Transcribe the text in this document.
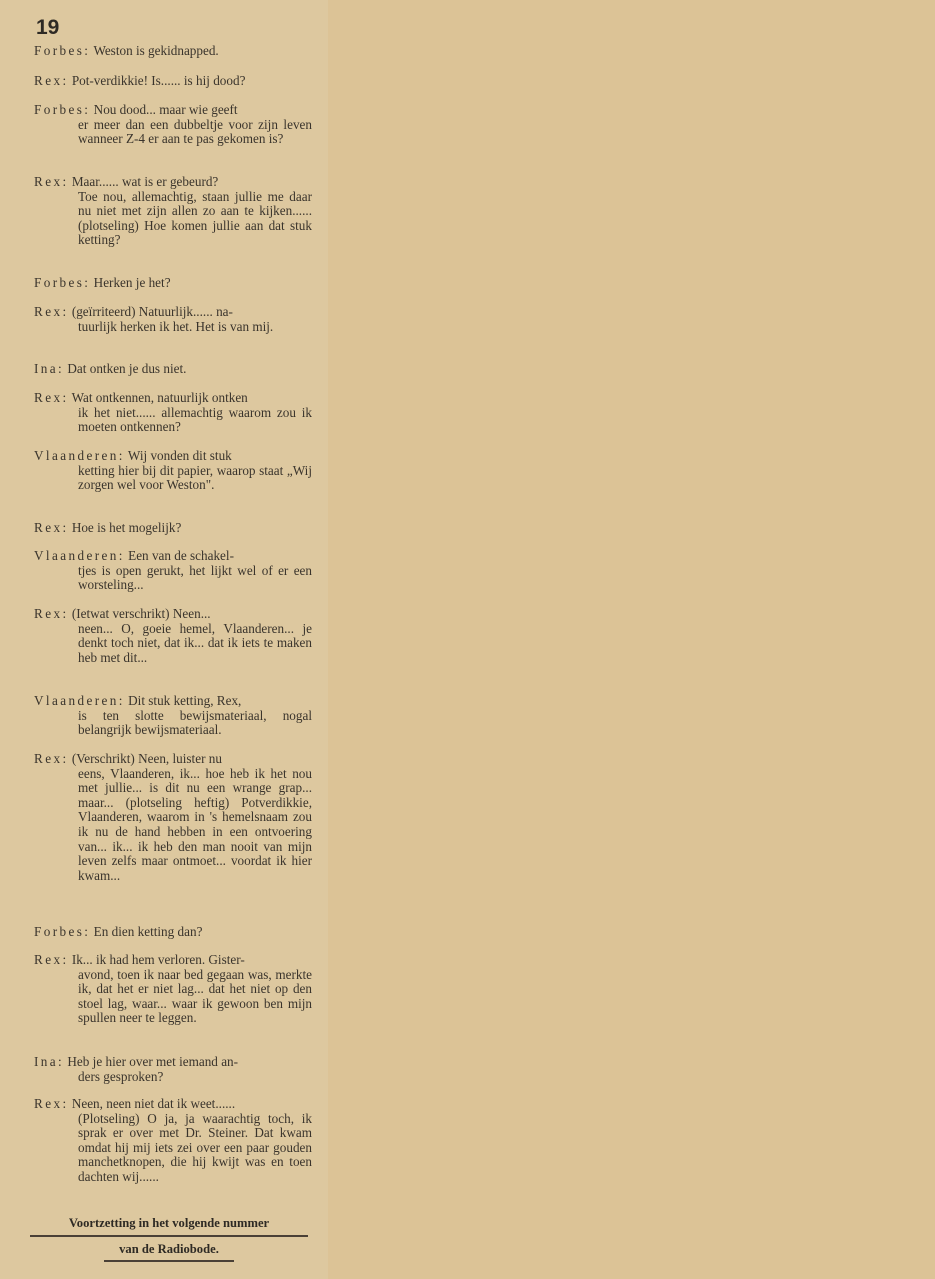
19
Forbes: Weston is gekidnapped.
Rex: Pot-verdikkie! Is...... is hij dood?
Forbes: Nou dood... maar wie geeft
er meer dan een dubbeltje voor zijn leven wanneer Z-4 er aan te pas gekomen is?
Rex: Maar...... wat is er gebeurd?
Toe nou, allemachtig, staan jullie me daar nu niet met zijn allen zo aan te kijken...... (plotseling) Hoe komen jullie aan dat stuk ketting?
Forbes: Herken je het?
Rex: (geïrriteerd) Natuurlijk...... na-
tuurlijk herken ik het. Het is van mij.
Ina: Dat ontken je dus niet.
Rex: Wat ontkennen, natuurlijk ontken
ik het niet...... allemachtig waarom zou ik moeten ontkennen?
Vlaanderen: Wij vonden dit stuk
ketting hier bij dit papier, waarop staat „Wij zorgen wel voor Weston".
Rex: Hoe is het mogelijk?
Vlaanderen: Een van de schakel-
tjes is open gerukt, het lijkt wel of er een worsteling...
Rex: (Ietwat verschrikt) Neen...
neen... O, goeie hemel, Vlaanderen... je denkt toch niet, dat ik... dat ik iets te maken heb met dit...
Vlaanderen: Dit stuk ketting, Rex,
is ten slotte bewijsmateriaal, nogal belangrijk bewijsmateriaal.
Rex: (Verschrikt) Neen, luister nu
eens, Vlaanderen, ik... hoe heb ik het nou met jullie... is dit nu een wrange grap... maar... (plotseling heftig) Potverdikkie, Vlaanderen, waarom in 's hemelsnaam zou ik nu de hand hebben in een ontvoering van... ik... ik heb den man nooit van mijn leven zelfs maar ontmoet... voordat ik hier kwam...
Forbes: En dien ketting dan?
Rex: Ik... ik had hem verloren. Gister-
avond, toen ik naar bed gegaan was, merkte ik, dat het er niet lag... dat het niet op den stoel lag, waar... waar ik gewoon ben mijn spullen neer te leggen.
Ina: Heb je hier over met iemand an-
ders gesproken?
Rex: Neen, neen niet dat ik weet......
(Plotseling) O ja, ja waarachtig toch, ik sprak er over met Dr. Steiner. Dat kwam omdat hij mij iets zei over een paar gouden manchetknopen, die hij kwijt was en toen dachten wij......
Voortzetting in het volgende nummer
van de Radiobode.
